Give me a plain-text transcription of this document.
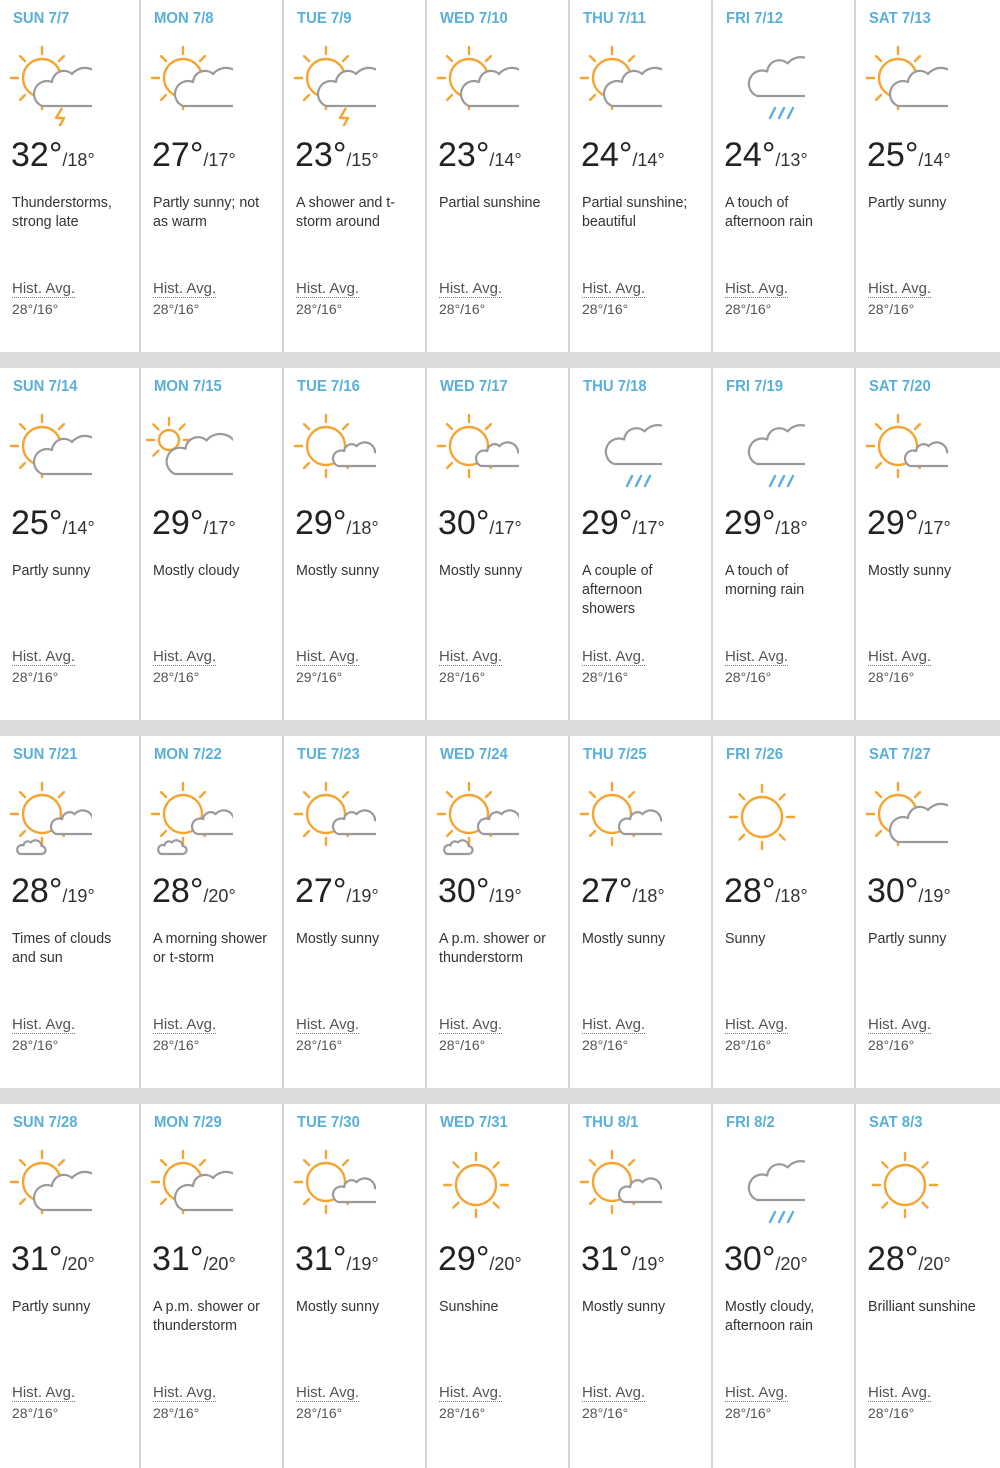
SUN 7/7
32°/18°
Thunderstorms, strong late
Hist. Avg.
28°/16°
MON 7/8
27°/17°
Partly sunny; not as warm
Hist. Avg.
28°/16°
TUE 7/9
23°/15°
A shower and t-storm around
Hist. Avg.
28°/16°
WED 7/10
23°/14°
Partial sunshine
Hist. Avg.
28°/16°
THU 7/11
24°/14°
Partial sunshine; beautiful
Hist. Avg.
28°/16°
FRI 7/12
24°/13°
A touch of afternoon rain
Hist. Avg.
28°/16°
SAT 7/13
25°/14°
Partly sunny
Hist. Avg.
28°/16°
SUN 7/14
25°/14°
Partly sunny
Hist. Avg.
28°/16°
MON 7/15
29°/17°
Mostly cloudy
Hist. Avg.
28°/16°
TUE 7/16
29°/18°
Mostly sunny
Hist. Avg.
29°/16°
WED 7/17
30°/17°
Mostly sunny
Hist. Avg.
28°/16°
THU 7/18
29°/17°
A couple of afternoon showers
Hist. Avg.
28°/16°
FRI 7/19
29°/18°
A touch of morning rain
Hist. Avg.
28°/16°
SAT 7/20
29°/17°
Mostly sunny
Hist. Avg.
28°/16°
SUN 7/21
28°/19°
Times of clouds and sun
Hist. Avg.
28°/16°
MON 7/22
28°/20°
A morning shower or t-storm
Hist. Avg.
28°/16°
TUE 7/23
27°/19°
Mostly sunny
Hist. Avg.
28°/16°
WED 7/24
30°/19°
A p.m. shower or thunderstorm
Hist. Avg.
28°/16°
THU 7/25
27°/18°
Mostly sunny
Hist. Avg.
28°/16°
FRI 7/26
28°/18°
Sunny
Hist. Avg.
28°/16°
SAT 7/27
30°/19°
Partly sunny
Hist. Avg.
28°/16°
SUN 7/28
31°/20°
Partly sunny
Hist. Avg.
28°/16°
MON 7/29
31°/20°
A p.m. shower or thunderstorm
Hist. Avg.
28°/16°
TUE 7/30
31°/19°
Mostly sunny
Hist. Avg.
28°/16°
WED 7/31
29°/20°
Sunshine
Hist. Avg.
28°/16°
THU 8/1
31°/19°
Mostly sunny
Hist. Avg.
28°/16°
FRI 8/2
30°/20°
Mostly cloudy, afternoon rain
Hist. Avg.
28°/16°
SAT 8/3
28°/20°
Brilliant sunshine
Hist. Avg.
28°/16°
